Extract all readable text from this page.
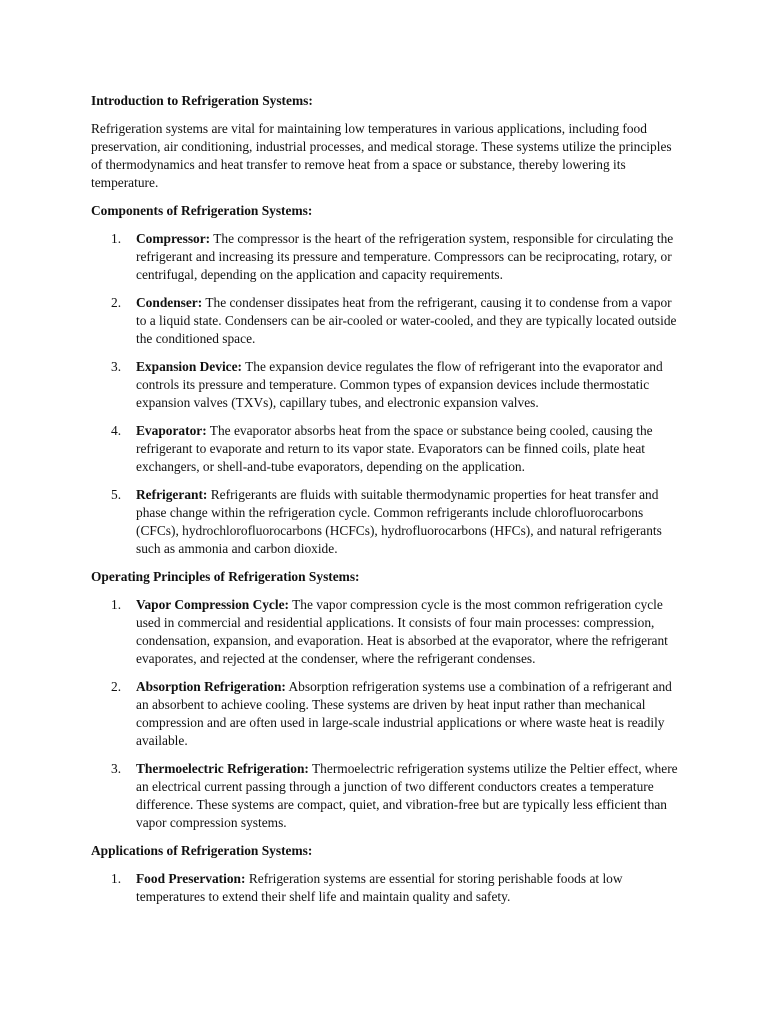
Introduction to Refrigeration Systems:

Refrigeration systems are vital for maintaining low temperatures in various applications, including food preservation, air conditioning, industrial processes, and medical storage. These systems utilize the principles of thermodynamics and heat transfer to remove heat from a space or substance, thereby lowering its temperature.

Components of Refrigeration Systems:

1. Compressor: The compressor is the heart of the refrigeration system, responsible for circulating the refrigerant and increasing its pressure and temperature. Compressors can be reciprocating, rotary, or centrifugal, depending on the application and capacity requirements.
2. Condenser: The condenser dissipates heat from the refrigerant, causing it to condense from a vapor to a liquid state. Condensers can be air-cooled or water-cooled, and they are typically located outside the conditioned space.
3. Expansion Device: The expansion device regulates the flow of refrigerant into the evaporator and controls its pressure and temperature. Common types of expansion devices include thermostatic expansion valves (TXVs), capillary tubes, and electronic expansion valves.
4. Evaporator: The evaporator absorbs heat from the space or substance being cooled, causing the refrigerant to evaporate and return to its vapor state. Evaporators can be finned coils, plate heat exchangers, or shell-and-tube evaporators, depending on the application.
5. Refrigerant: Refrigerants are fluids with suitable thermodynamic properties for heat transfer and phase change within the refrigeration cycle. Common refrigerants include chlorofluorocarbons (CFCs), hydrochlorofluorocarbons (HCFCs), hydrofluorocarbons (HFCs), and natural refrigerants such as ammonia and carbon dioxide.

Operating Principles of Refrigeration Systems:

1. Vapor Compression Cycle: The vapor compression cycle is the most common refrigeration cycle used in commercial and residential applications. It consists of four main processes: compression, condensation, expansion, and evaporation. Heat is absorbed at the evaporator, where the refrigerant evaporates, and rejected at the condenser, where the refrigerant condenses.
2. Absorption Refrigeration: Absorption refrigeration systems use a combination of a refrigerant and an absorbent to achieve cooling. These systems are driven by heat input rather than mechanical compression and are often used in large-scale industrial applications or where waste heat is readily available.
3. Thermoelectric Refrigeration: Thermoelectric refrigeration systems utilize the Peltier effect, where an electrical current passing through a junction of two different conductors creates a temperature difference. These systems are compact, quiet, and vibration-free but are typically less efficient than vapor compression systems.

Applications of Refrigeration Systems:

1. Food Preservation: Refrigeration systems are essential for storing perishable foods at low temperatures to extend their shelf life and maintain quality and safety.
